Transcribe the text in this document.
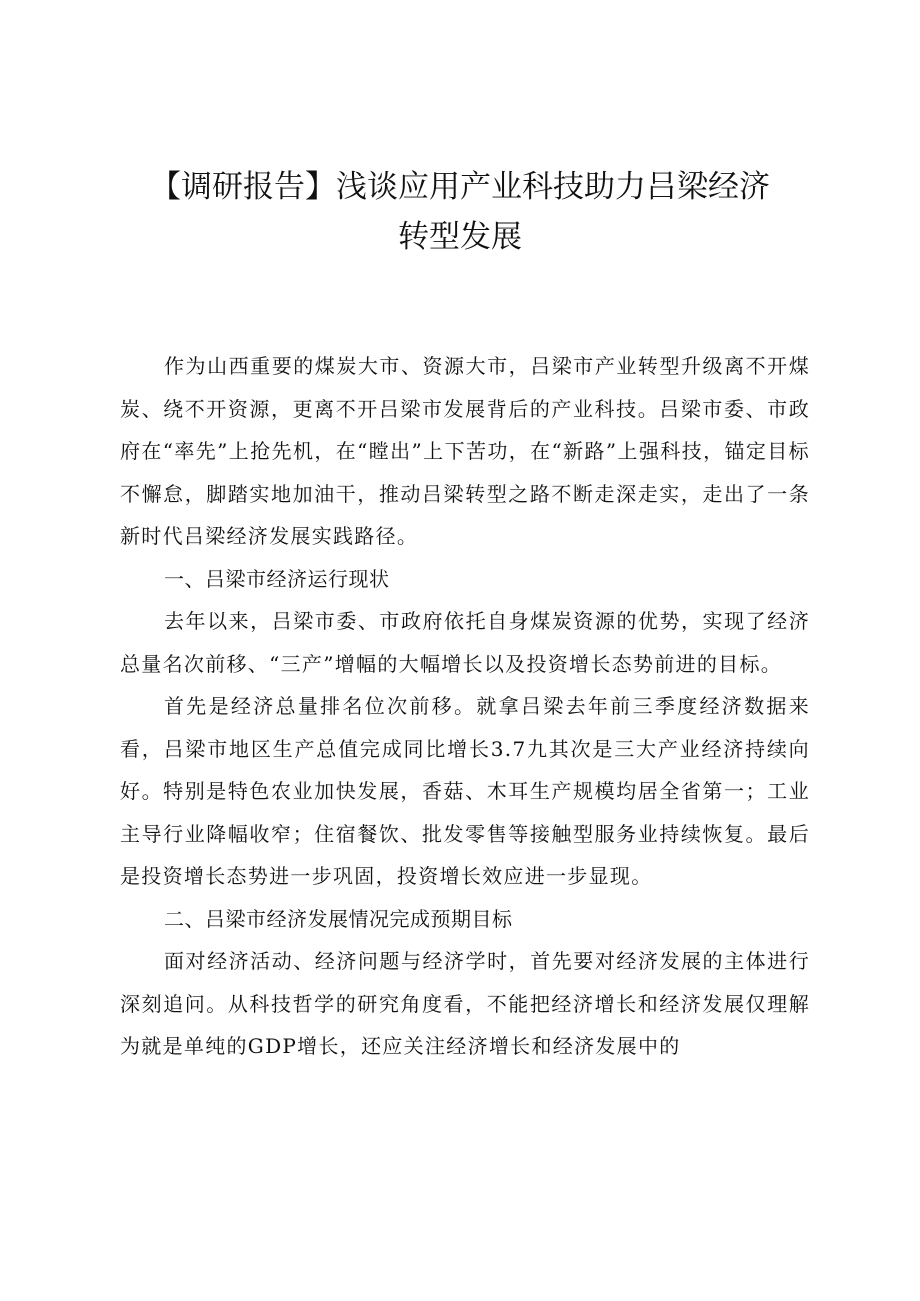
【调研报告】浅谈应用产业科技助力吕梁经济
转型发展

作为山西重要的煤炭大市、资源大市，吕梁市产业转型升级离不开煤炭、绕不开资源，更离不开吕梁市发展背后的产业科技。吕梁市委、市政府在“率先”上抢先机，在“瞠出”上下苦功，在“新路”上强科技，锚定目标不懈怠，脚踏实地加油干，推动吕梁转型之路不断走深走实，走出了一条新时代吕梁经济发展实践路径。

一、吕梁市经济运行现状

去年以来，吕梁市委、市政府依托自身煤炭资源的优势，实现了经济总量名次前移、“三产”增幅的大幅增长以及投资增长态势前进的目标。

首先是经济总量排名位次前移。就拿吕梁去年前三季度经济数据来看，吕梁市地区生产总值完成同比增长3.7九其次是三大产业经济持续向好。特别是特色农业加快发展，香菇、木耳生产规模均居全省第一；工业主导行业降幅收窄；住宿餐饮、批发零售等接触型服务业持续恢复。最后是投资增长态势进一步巩固，投资增长效应进一步显现。

二、吕梁市经济发展情况完成预期目标

面对经济活动、经济问题与经济学时，首先要对经济发展的主体进行深刻追问。从科技哲学的研究角度看，不能把经济增长和经济发展仅理解为就是单纯的GDP增长，还应关注经济增长和经济发展中的
